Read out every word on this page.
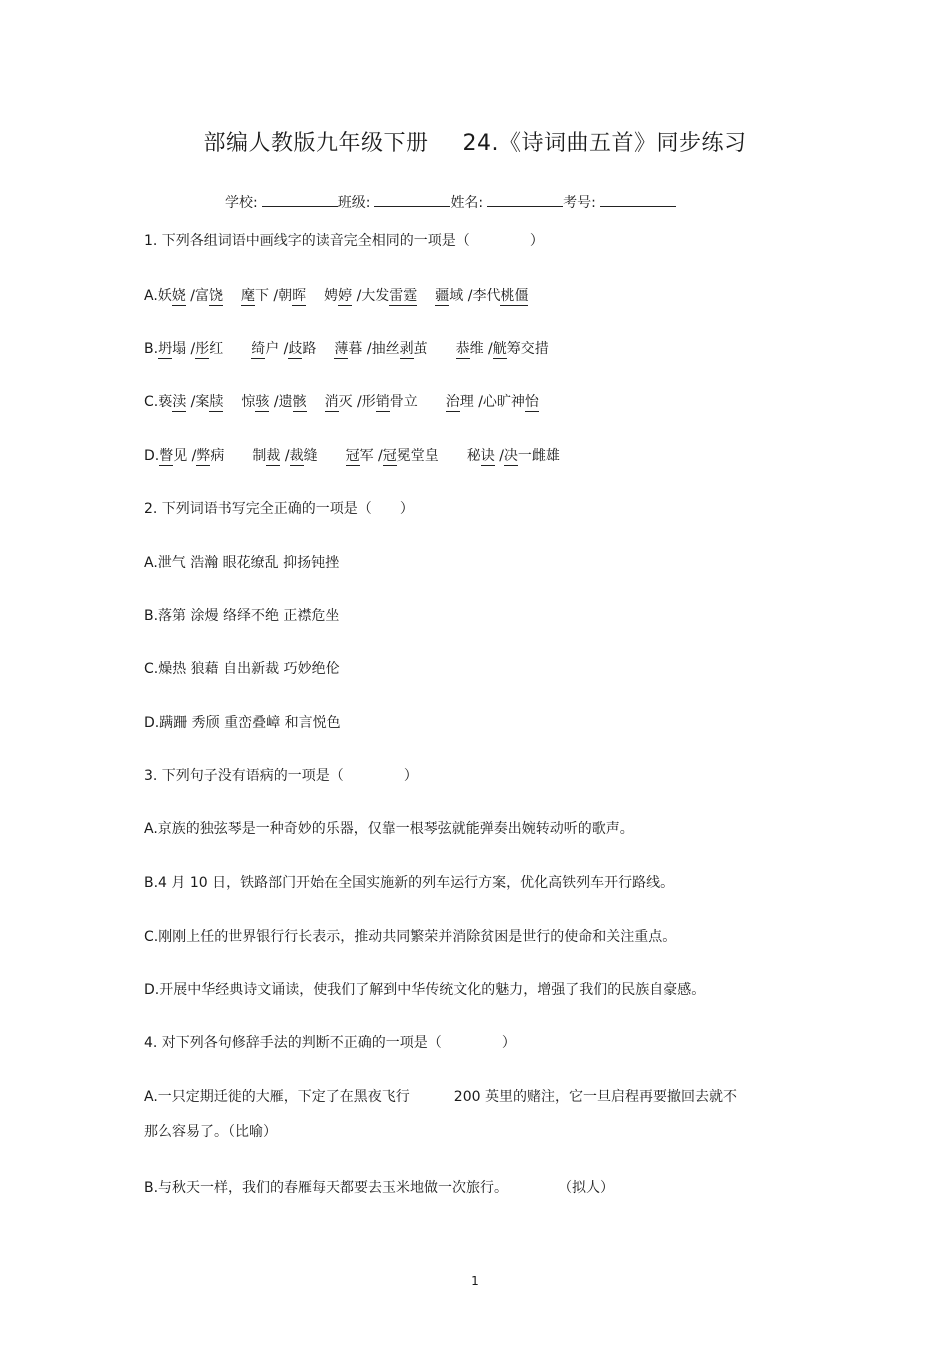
部编人教版九年级下册 24.《诗词曲五首》同步练习
学校:	班级:	姓名:	考号:
1. 下列各组词语中画线字的读音完全相同的一项是（	）
A.妖娆 /富饶 麾下 /朝晖 娉婷 /大发雷霆 疆域 /李代桃僵
B.坍塌 /彤红 绮户 /歧路 薄暮 /抽丝剥茧 恭维 /觥筹交措
C.亵渎 /案牍 惊骇 /遗骸 消灭 /形销骨立 治理 /心旷神怡
D.瞥见 /弊病 制裁 /裁缝 冠军 /冠冕堂皇 秘诀 /决一雌雄
2. 下列词语书写完全正确的一项是（ ）
A.泄气 浩瀚 眼花缭乱 抑扬钝挫
B.落第 涂熳 络绎不绝 正襟危坐
C.燥热 狼藉 自出新裁 巧妙绝伦
D.蹒跚 秀颀 重峦叠嶂 和言悦色
3. 下列句子没有语病的一项是（	）
A.京族的独弦琴是一种奇妙的乐器，仅靠一根琴弦就能弹奏出婉转动听的歌声。
B.4 月 10 日，铁路部门开始在全国实施新的列车运行方案，优化高铁列车开行路线。
C.刚刚上任的世界银行行长表示，推动共同繁荣并消除贫困是世行的使命和关注重点。
D.开展中华经典诗文诵读，使我们了解到中华传统文化的魅力，增强了我们的民族自豪感。
4. 对下列各句修辞手法的判断不正确的一项是（	）
A.一只定期迁徙的大雁，下定了在黑夜飞行	200 英里的赌注，它一旦启程再要撤回去就不
那么容易了。（比喻）
B.与秋天一样，我们的春雁每天都要去玉米地做一次旅行。	（拟人）
1
